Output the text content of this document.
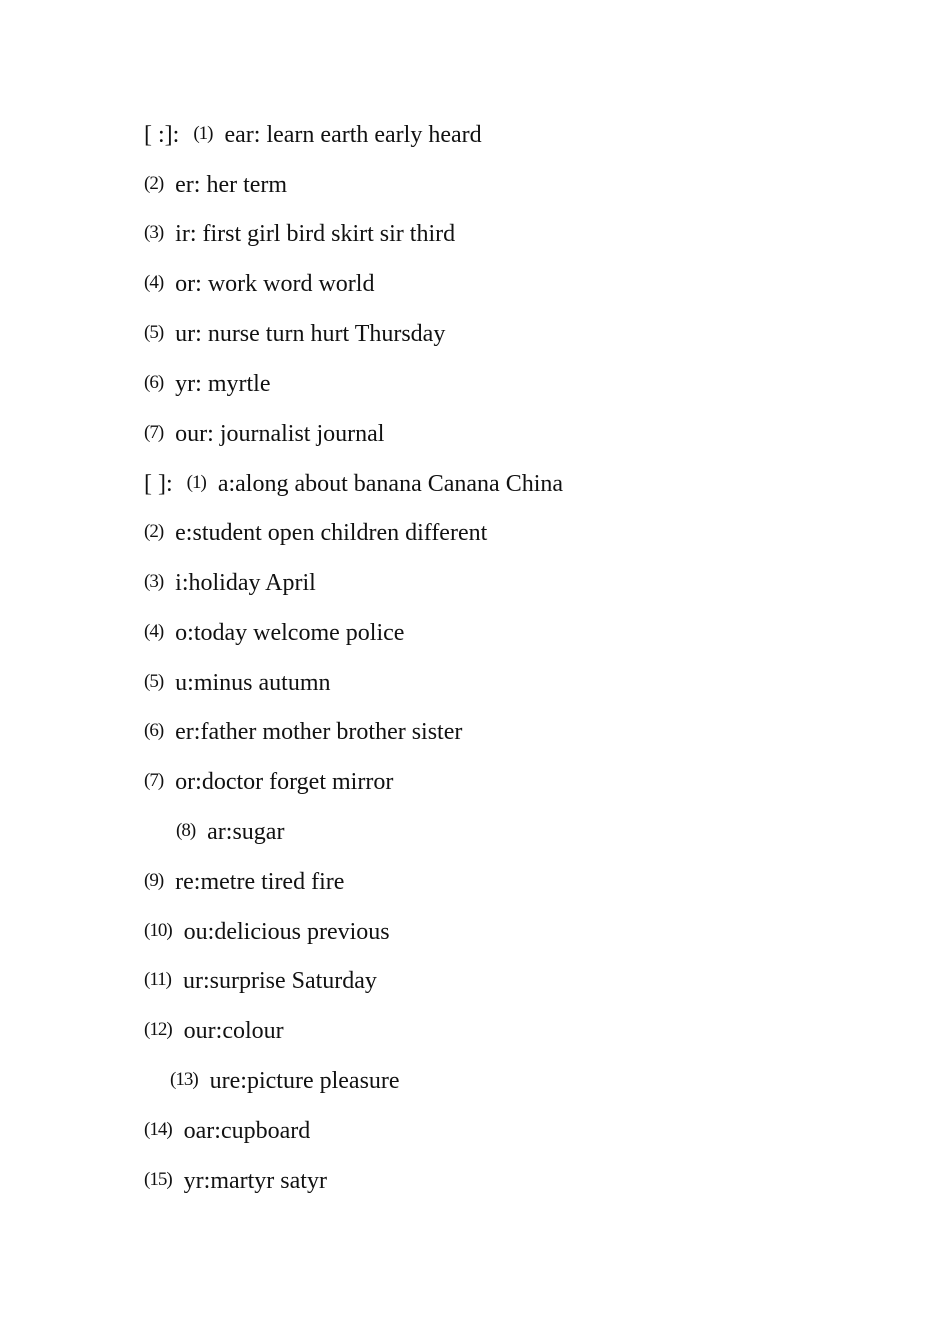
[ :]: (1) ear: learn earth early heard
(2) er: her term
(3) ir: first girl bird skirt sir third
(4) or: work word world
(5) ur: nurse turn hurt Thursday
(6) yr: myrtle
(7) our: journalist journal
[ ]: (1) a:along about banana Canana China
(2) e:student open children different
(3) i:holiday April
(4) o:today welcome police
(5) u:minus autumn
(6) er:father mother brother sister
(7) or:doctor forget mirror
(8) ar:sugar
(9) re:metre tired fire
(10) ou:delicious previous
(11) ur:surprise Saturday
(12) our:colour
(13) ure:picture pleasure
(14) oar:cupboard
(15) yr:martyr satyr
